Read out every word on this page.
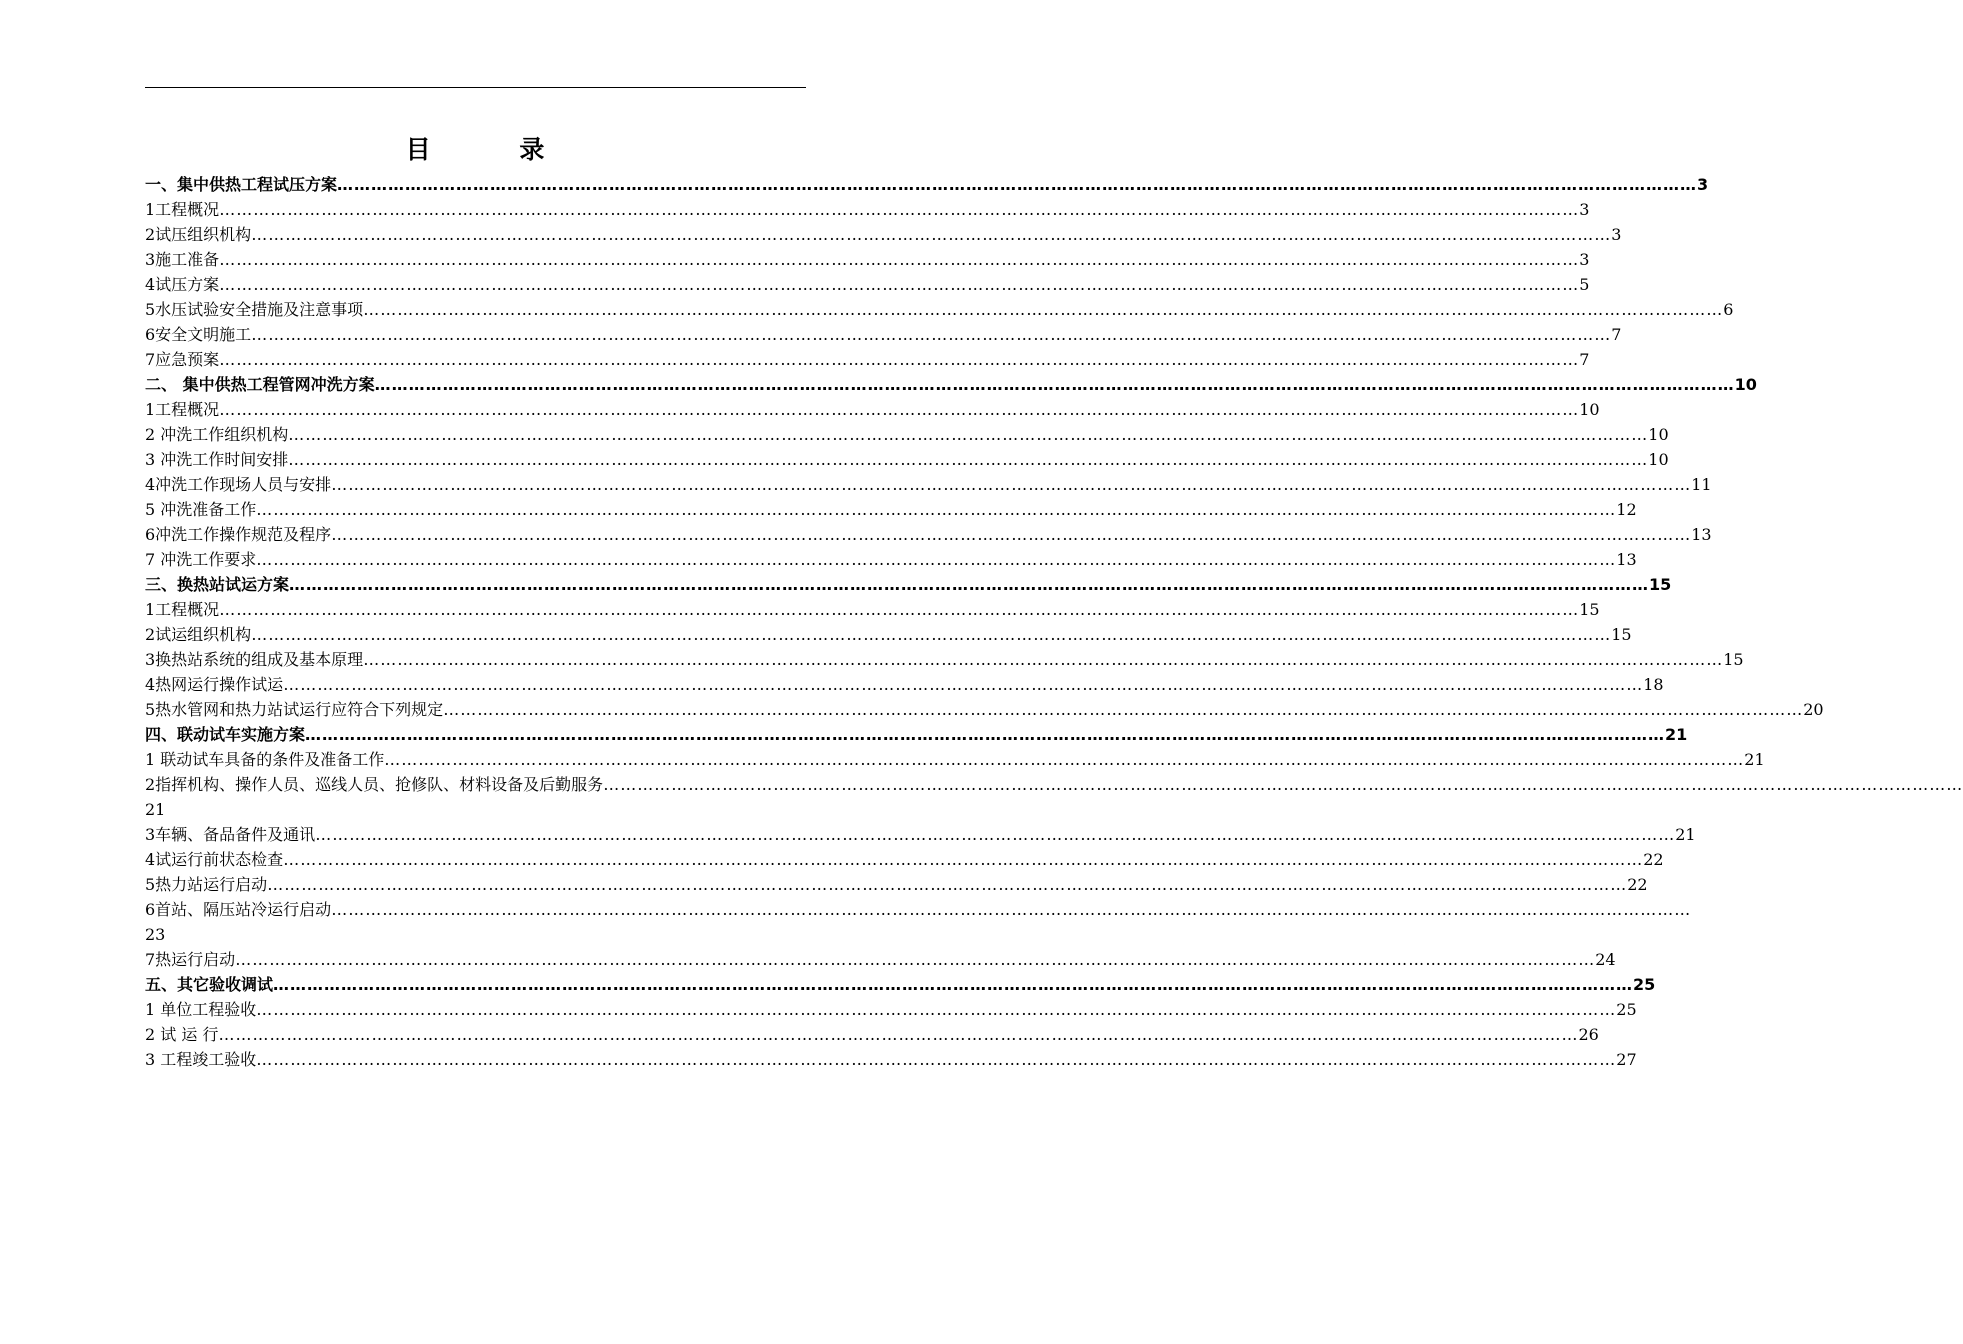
目 录
一、集中供热工程试压方案 …………………………………………………………………………………………………………………………………………………………………………………………………………………… 3
1工程概况 …………………………………………………………………………………………………………………………………………………………………………………………………………………… 3
2试压组织机构 …………………………………………………………………………………………………………………………………………………………………………………………………………………… 3
3施工准备 …………………………………………………………………………………………………………………………………………………………………………………………………………………… 3
4试压方案 …………………………………………………………………………………………………………………………………………………………………………………………………………………… 5
5水压试验安全措施及注意事项 …………………………………………………………………………………………………………………………………………………………………………………………………………………… 6
6安全文明施工 …………………………………………………………………………………………………………………………………………………………………………………………………………………… 7
7应急预案 …………………………………………………………………………………………………………………………………………………………………………………………………………………… 7
二、 集中供热工程管网冲洗方案 …………………………………………………………………………………………………………………………………………………………………………………………………………………… 10
1工程概况 …………………………………………………………………………………………………………………………………………………………………………………………………………………… 10
2 冲洗工作组织机构 …………………………………………………………………………………………………………………………………………………………………………………………………………………… 10
3 冲洗工作时间安排 …………………………………………………………………………………………………………………………………………………………………………………………………………………… 10
4冲洗工作现场人员与安排 …………………………………………………………………………………………………………………………………………………………………………………………………………………… 11
5 冲洗准备工作 …………………………………………………………………………………………………………………………………………………………………………………………………………………… 12
6冲洗工作操作规范及程序 …………………………………………………………………………………………………………………………………………………………………………………………………………………… 13
7 冲洗工作要求 …………………………………………………………………………………………………………………………………………………………………………………………………………………… 13
三、换热站试运方案 …………………………………………………………………………………………………………………………………………………………………………………………………………………… 15
1工程概况 …………………………………………………………………………………………………………………………………………………………………………………………………………………… 15
2试运组织机构 …………………………………………………………………………………………………………………………………………………………………………………………………………………… 15
3换热站系统的组成及基本原理 …………………………………………………………………………………………………………………………………………………………………………………………………………………… 15
4热网运行操作试运 …………………………………………………………………………………………………………………………………………………………………………………………………………………… 18
5热水管网和热力站试运行应符合下列规定 …………………………………………………………………………………………………………………………………………………………………………………………………………………… 20
四、联动试车实施方案 …………………………………………………………………………………………………………………………………………………………………………………………………………………… 21
1 联动试车具备的条件及准备工作 …………………………………………………………………………………………………………………………………………………………………………………………………………………… 21
2指挥机构、操作人员、巡线人员、抢修队、材料设备及后勤服务 ……………………………………………………………………………………………………………………………………………………………………………………………………………………
21
3车辆、备品备件及通讯 …………………………………………………………………………………………………………………………………………………………………………………………………………………… 21
4试运行前状态检查 …………………………………………………………………………………………………………………………………………………………………………………………………………………… 22
5热力站运行启动 …………………………………………………………………………………………………………………………………………………………………………………………………………………… 22
6首站、隔压站冷运行启动 ……………………………………………………………………………………………………………………………………………………………………………………………………………………
23
7热运行启动 …………………………………………………………………………………………………………………………………………………………………………………………………………………… 24
五、其它验收调试 …………………………………………………………………………………………………………………………………………………………………………………………………………………… 25
1 单位工程验收 …………………………………………………………………………………………………………………………………………………………………………………………………………………… 25
2 试 运 行 …………………………………………………………………………………………………………………………………………………………………………………………………………………… 26
3 工程竣工验收 …………………………………………………………………………………………………………………………………………………………………………………………………………………… 27
